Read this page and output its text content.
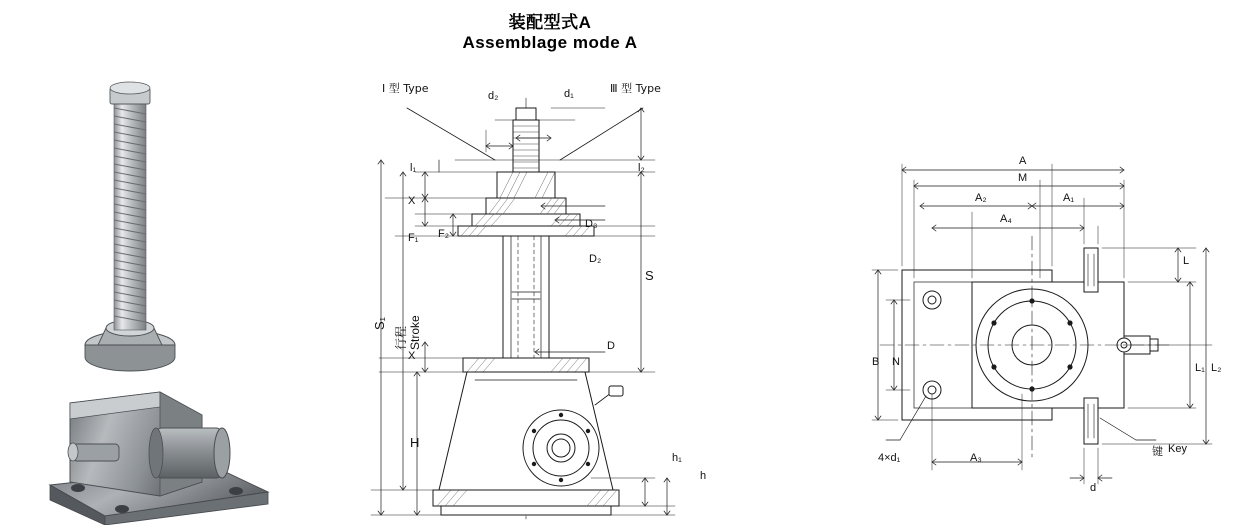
装配型式A
Assemblage mode A
Ⅰ 型 Type	Ⅲ 型 Type
d₂	d₁
l₁	l₂
X
F₁ F₂
D₃
D₂
S
X
D
H
h₁
h
S₁
行程 Stroke
A
M
A₂	A₁
A₄
A₃
B N
L
L₁ L₂
d
4×d₁	键 Key
